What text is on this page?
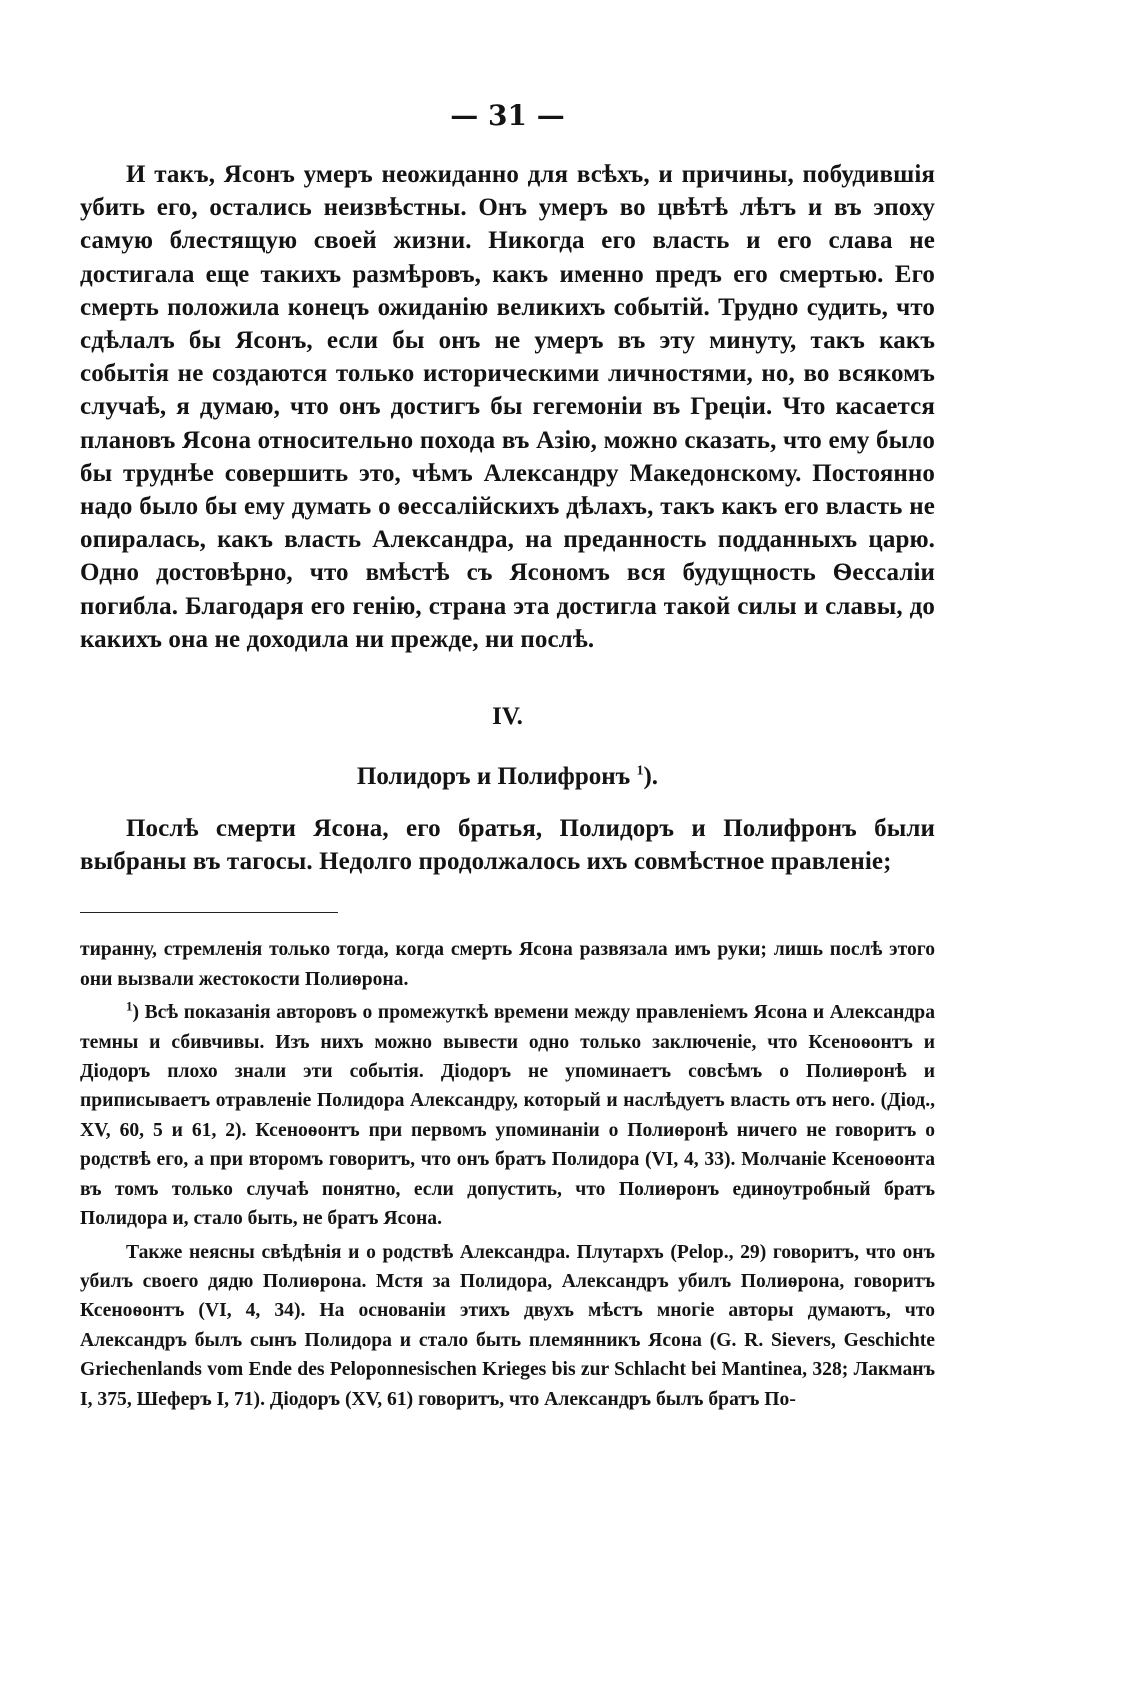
— 31 —

И такъ, Ясонъ умеръ неожиданно для всѣхъ, и причины, побудившія убить его, остались неизвѣстны. Онъ умеръ во цвѣтѣ лѣтъ и въ эпоху самую блестящую своей жизни. Никогда его власть и его слава не достигала еще такихъ размѣровъ, какъ именно предъ его смертью. Его смерть положила конецъ ожиданію великихъ событій. Трудно судить, что сдѣлалъ бы Ясонъ, если бы онъ не умеръ въ эту минуту, такъ какъ событія не создаются только историческими личностями, но, во всякомъ случаѣ, я думаю, что онъ достигъ бы гегемоніи въ Греціи. Что касается плановъ Ясона относительно похода въ Азію, можно сказать, что ему было бы труднѣе совершить это, чѣмъ Александру Македонскому. Постоянно надо было бы ему думать о ѳессалійскихъ дѣлахъ, такъ какъ его власть не опиралась, какъ власть Александра, на преданность подданныхъ царю. Одно достовѣрно, что вмѣстѣ съ Ясономъ вся будущность Ѳессаліи погибла. Благодаря его генію, страна эта достигла такой силы и славы, до какихъ она не доходила ни прежде, ни послѣ.

IV.
Полидоръ и Полифронъ $^1$).

Послѣ смерти Ясона, его братья, Полидоръ и Полифронъ были выбраны въ тагосы. Недолго продолжалось ихъ совмѣстное правленіе;

тиранну, стремленія только тогда, когда смерть Ясона развязала имъ руки; лишь послѣ этого они вызвали жестокости Полиѳрона.

$^1$) Всѣ показанія авторовъ о промежуткѣ времени между правленіемъ Ясона и Александра темны и сбивчивы. Изъ нихъ можно вывести одно только заключеніе, что Ксеноѳонтъ и Діодоръ плохо знали эти событія. Діодоръ не упоминаетъ совсѣмъ о Полиѳронѣ и приписываетъ отравленіе Полидора Александру, который и наслѣдуетъ власть отъ него. (Діод., XV, 60, 5 и 61, 2). Ксеноѳонтъ при первомъ упоминаніи о Полиѳронѣ ничего не говоритъ о родствѣ его, а при второмъ говоритъ, что онъ братъ Полидора (VI, 4, 33). Молчаніе Ксеноѳонта въ томъ только случаѣ понятно, если допустить, что Полиѳронъ единоутробный братъ Полидора и, стало быть, не братъ Ясона.

Также неясны свѣдѣнія и о родствѣ Александра. Плутархъ (Pelop., 29) говоритъ, что онъ убилъ своего дядю Полиѳрона. Мстя за Полидора, Александръ убилъ Полиѳрона, говоритъ Ксеноѳонтъ (VI, 4, 34). На основаніи этихъ двухъ мѣстъ многіе авторы думаютъ, что Александръ былъ сынъ Полидора и стало быть племянникъ Ясона (G. R. Sievers, Geschichte Griechenlands vom Ende des Peloponnesischen Krieges bis zur Schlacht bei Mantinea, 328; Лакманъ I, 375, Шеферъ I, 71). Діодоръ (XV, 61) говоритъ, что Александръ былъ братъ По-
